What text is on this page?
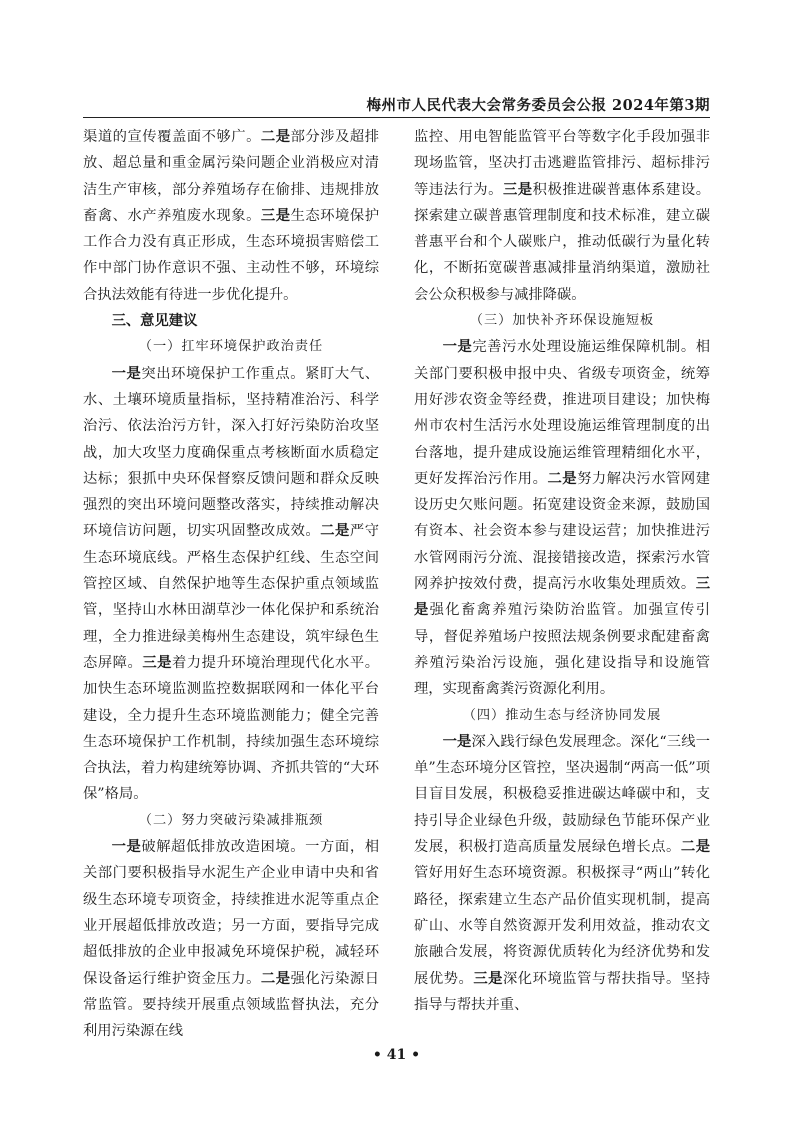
梅州市人民代表大会常务委员会公报 2024年第3期

渠道的宣传覆盖面不够广。二是部分涉及超排放、超总量和重金属污染问题企业消极应对清洁生产审核，部分养殖场存在偷排、违规排放畜禽、水产养殖废水现象。三是生态环境保护工作合力没有真正形成，生态环境损害赔偿工作中部门协作意识不强、主动性不够，环境综合执法效能有待进一步优化提升。

三、意见建议

（一）扛牢环境保护政治责任

一是突出环境保护工作重点。紧盯大气、水、土壤环境质量指标，坚持精准治污、科学治污、依法治污方针，深入打好污染防治攻坚战，加大攻坚力度确保重点考核断面水质稳定达标；狠抓中央环保督察反馈问题和群众反映强烈的突出环境问题整改落实，持续推动解决环境信访问题，切实巩固整改成效。二是严守生态环境底线。严格生态保护红线、生态空间管控区域、自然保护地等生态保护重点领域监管，坚持山水林田湖草沙一体化保护和系统治理，全力推进绿美梅州生态建设，筑牢绿色生态屏障。三是着力提升环境治理现代化水平。加快生态环境监测监控数据联网和一体化平台建设，全力提升生态环境监测能力；健全完善生态环境保护工作机制，持续加强生态环境综合执法，着力构建统筹协调、齐抓共管的“大环保”格局。

（二）努力突破污染减排瓶颈

一是破解超低排放改造困境。一方面，相关部门要积极指导水泥生产企业申请中央和省级生态环境专项资金，持续推进水泥等重点企业开展超低排放改造；另一方面，要指导完成超低排放的企业申报减免环境保护税，减轻环保设备运行维护资金压力。二是强化污染源日常监管。要持续开展重点领域监督执法，充分利用污染源在线

监控、用电智能监管平台等数字化手段加强非现场监管，坚决打击逃避监管排污、超标排污等违法行为。三是积极推进碳普惠体系建设。探索建立碳普惠管理制度和技术标准，建立碳普惠平台和个人碳账户，推动低碳行为量化转化，不断拓宽碳普惠减排量消纳渠道，激励社会公众积极参与减排降碳。

（三）加快补齐环保设施短板

一是完善污水处理设施运维保障机制。相关部门要积极申报中央、省级专项资金，统筹用好涉农资金等经费，推进项目建设；加快梅州市农村生活污水处理设施运维管理制度的出台落地，提升建成设施运维管理精细化水平，更好发挥治污作用。二是努力解决污水管网建设历史欠账问题。拓宽建设资金来源，鼓励国有资本、社会资本参与建设运营；加快推进污水管网雨污分流、混接错接改造，探索污水管网养护按效付费，提高污水收集处理质效。三是强化畜禽养殖污染防治监管。加强宣传引导，督促养殖场户按照法规条例要求配建畜禽养殖污染治污设施，强化建设指导和设施管理，实现畜禽粪污资源化利用。

（四）推动生态与经济协同发展

一是深入践行绿色发展理念。深化“三线一单”生态环境分区管控，坚决遏制“两高一低”项目盲目发展，积极稳妥推进碳达峰碳中和，支持引导企业绿色升级，鼓励绿色节能环保产业发展，积极打造高质量发展绿色增长点。二是管好用好生态环境资源。积极探寻“两山”转化路径，探索建立生态产品价值实现机制，提高矿山、水等自然资源开发利用效益，推动农文旅融合发展，将资源优质转化为经济优势和发展优势。三是深化环境监管与帮扶指导。坚持指导与帮扶并重、

• 41 •
